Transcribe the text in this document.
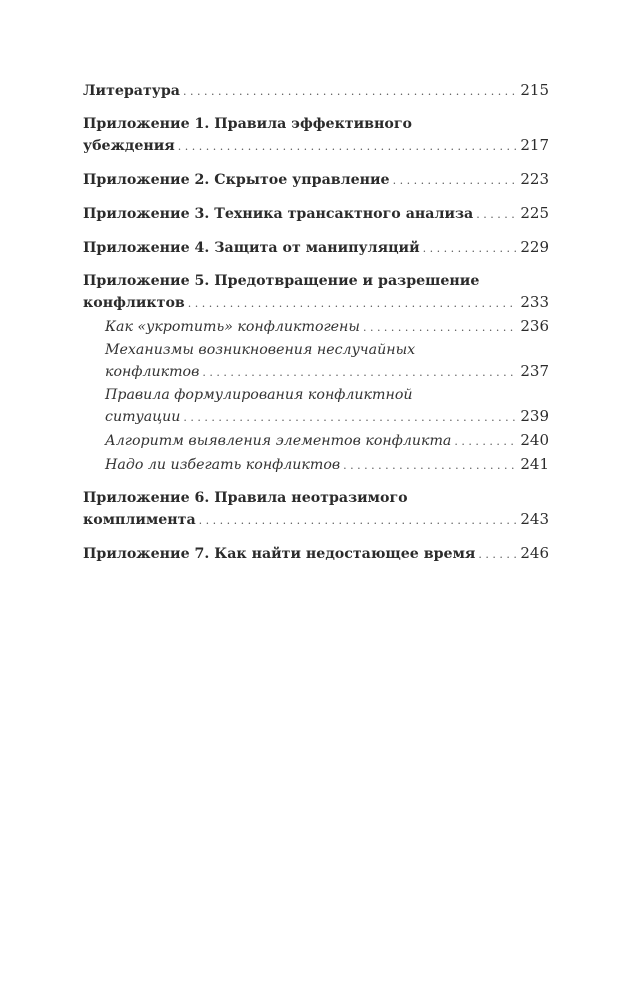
Литература . . .	215
Приложение 1. Правила эффективного
убеждения . . .	217
Приложение 2. Скрытое управление . . .	223
Приложение 3. Техника трансактного анализа . . .	225
Приложение 4. Защита от манипуляций . . .	229
Приложение 5. Предотвращение и разрешение
конфликтов . . .	233
Как «укротить» конфликтогены . . .	236
Механизмы возникновения неслучайных
конфликтов . . .	237
Правила формулирования конфликтной
ситуации . . .	239
Алгоритм выявления элементов конфликта . . .	240
Надо ли избегать конфликтов . . .	241
Приложение 6. Правила неотразимого
комплимента . . .	243
Приложение 7. Как найти недостающее время . . .	246
